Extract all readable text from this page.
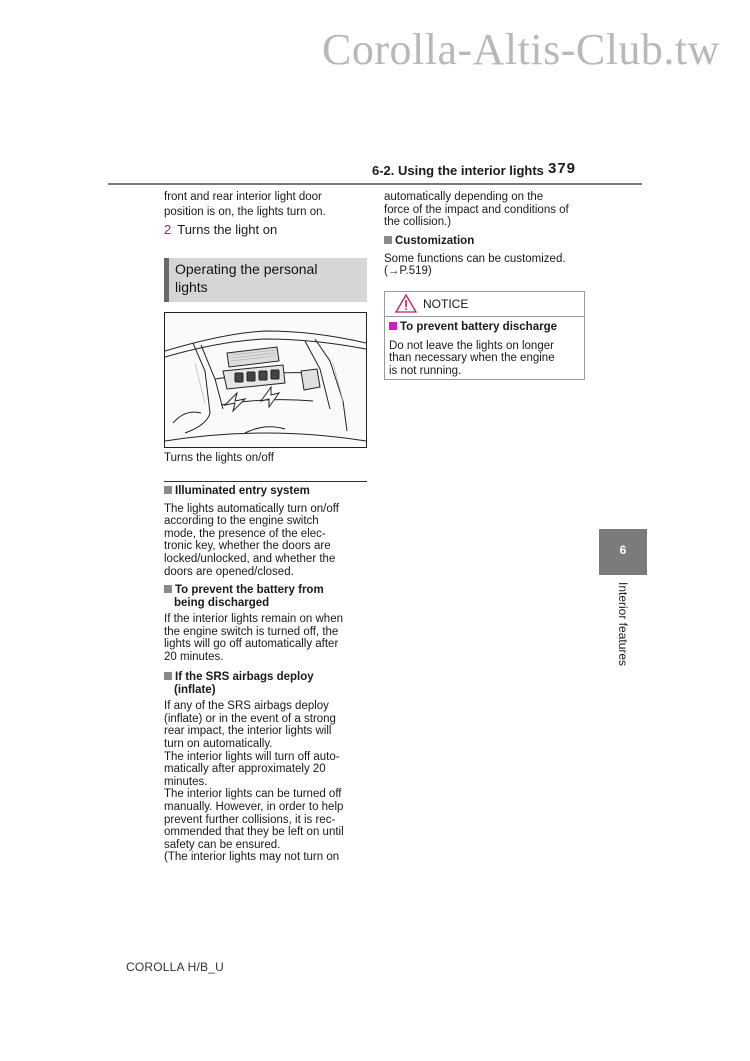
Corolla-Altis-Club.tw
6-2. Using the interior lights 379

front and rear interior light door

position is on, the lights turn on.

2 Turns the light on
Operating the personal
lights
Turns the lights on/off
Illuminated entry system

The lights automatically turn on/off

according to the engine switch

mode, the presence of the elec-

tronic key, whether the doors are

locked/unlocked, and whether the

doors are opened/closed.

To prevent the battery from
being discharged

If the interior lights remain on when

the engine switch is turned off, the

lights will go off automatically after

20 minutes.

If the SRS airbags deploy
(inflate)

If any of the SRS airbags deploy

(inflate) or in the event of a strong

rear impact, the interior lights will

turn on automatically.

The interior lights will turn off auto-

matically after approximately 20

minutes.

The interior lights can be turned off

manually. However, in order to help

prevent further collisions, it is rec-

ommended that they be left on until

safety can be ensured.

(The interior lights may not turn on

automatically depending on the

force of the impact and conditions of

the collision.)

Customization

Some functions can be customized.

(→P.519)

NOTICE
To prevent battery discharge

Do not leave the lights on longer

than necessary when the engine

is not running.

6
Interior features
COROLLA H/B_U
